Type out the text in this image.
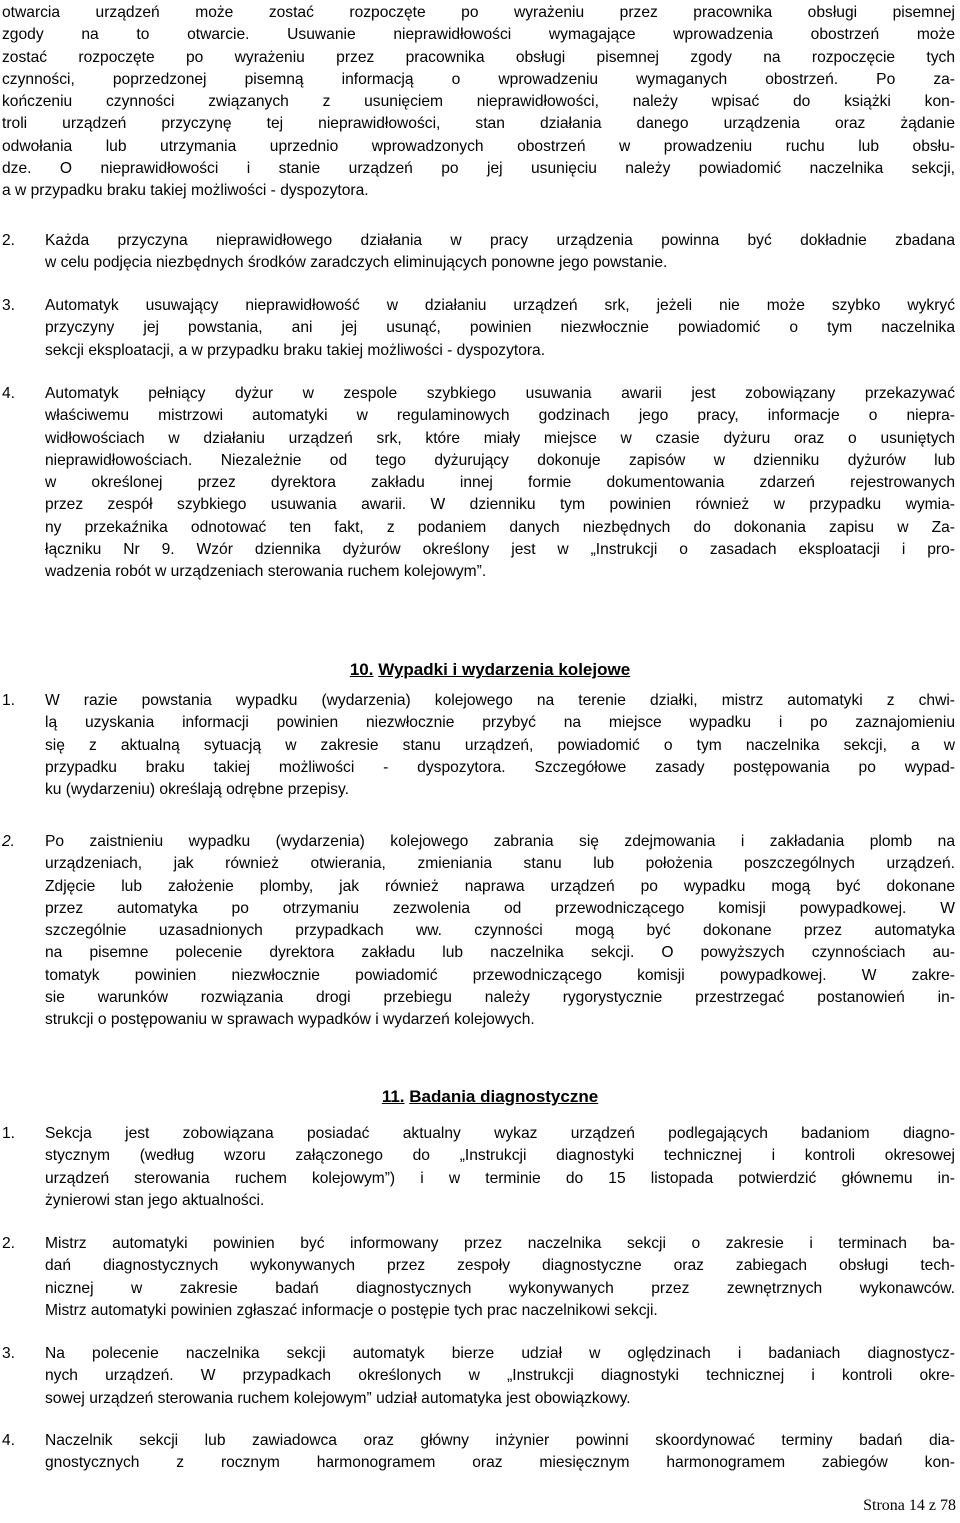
otwarcia urządzeń może zostać rozpoczęte po wyrażeniu przez pracownika obsługi pisemnej
zgody na to otwarcie. Usuwanie nieprawidłowości wymagające wprowadzenia obostrzeń może
zostać rozpoczęte po wyrażeniu przez pracownika obsługi pisemnej zgody na rozpoczęcie tych
czynności, poprzedzonej pisemną informacją o wprowadzeniu wymaganych obostrzeń. Po za-
kończeniu czynności związanych z usunięciem nieprawidłowości, należy wpisać do książki kon-
troli urządzeń przyczynę tej nieprawidłowości, stan działania danego urządzenia oraz żądanie
odwołania lub utrzymania uprzednio wprowadzonych obostrzeń w prowadzeniu ruchu lub obsłu-
dze. O nieprawidłowości i stanie urządzeń po jej usunięciu należy powiadomić naczelnika sekcji,
a w przypadku braku takiej możliwości - dyspozytora.
2.	Każda przyczyna nieprawidłowego działania w pracy urządzenia powinna być dokładnie zbadana
w celu podjęcia niezbędnych środków zaradczych eliminujących ponowne jego powstanie.
3.	Automatyk usuwający nieprawidłowość w działaniu urządzeń srk, jeżeli nie może szybko wykryć
przyczyny jej powstania, ani jej usunąć, powinien niezwłocznie powiadomić o tym naczelnika
sekcji eksploatacji, a w przypadku braku takiej możliwości - dyspozytora.
4.	Automatyk pełniący dyżur w zespole szybkiego usuwania awarii jest zobowiązany przekazywać
właściwemu mistrzowi automatyki w regulaminowych godzinach jego pracy, informacje o niepra-
widłowościach w działaniu urządzeń srk, które miały miejsce w czasie dyżuru oraz o usuniętych
nieprawidłowościach. Niezależnie od tego dyżurujący dokonuje zapisów w dzienniku dyżurów lub
w określonej przez dyrektora zakładu innej formie dokumentowania zdarzeń rejestrowanych
przez zespół szybkiego usuwania awarii. W dzienniku tym powinien również w przypadku wymia-
ny przekaźnika odnotować ten fakt, z podaniem danych niezbędnych do dokonania zapisu w Za-
łączniku Nr 9. Wzór dziennika dyżurów określony jest w „Instrukcji o zasadach eksploatacji i pro-
wadzenia robót w urządzeniach sterowania ruchem kolejowym”.
10. Wypadki i wydarzenia kolejowe
1.	W razie powstania wypadku (wydarzenia) kolejowego na terenie działki, mistrz automatyki z chwi-
lą uzyskania informacji powinien niezwłocznie przybyć na miejsce wypadku i po zaznajomieniu
się z aktualną sytuacją w zakresie stanu urządzeń, powiadomić o tym naczelnika sekcji, a w
przypadku braku takiej możliwości - dyspozytora. Szczegółowe zasady postępowania po wypad-
ku (wydarzeniu) określają odrębne przepisy.
2.	Po zaistnieniu wypadku (wydarzenia) kolejowego zabrania się zdejmowania i zakładania plomb na
urządzeniach, jak również otwierania, zmieniania stanu lub położenia poszczególnych urządzeń.
Zdjęcie lub założenie plomby, jak również naprawa urządzeń po wypadku mogą być dokonane
przez automatyka po otrzymaniu zezwolenia od przewodniczącego komisji powypadkowej. W
szczególnie uzasadnionych przypadkach ww. czynności mogą być dokonane przez automatyka
na pisemne polecenie dyrektora zakładu lub naczelnika sekcji. O powyższych czynnościach au-
tomatyk powinien niezwłocznie powiadomić przewodniczącego komisji powypadkowej. W zakre-
sie warunków rozwiązania drogi przebiegu należy rygorystycznie przestrzegać postanowień in-
strukcji o postępowaniu w sprawach wypadków i wydarzeń kolejowych.
11. Badania diagnostyczne
1.	Sekcja jest zobowiązana posiadać aktualny wykaz urządzeń podlegających badaniom diagno-
stycznym (według wzoru załączonego do „Instrukcji diagnostyki technicznej i kontroli okresowej
urządzeń sterowania ruchem kolejowym”) i w terminie do 15 listopada potwierdzić głównemu in-
żynierowi stan jego aktualności.
2.	Mistrz automatyki powinien być informowany przez naczelnika sekcji o zakresie i terminach ba-
dań diagnostycznych wykonywanych przez zespoły diagnostyczne oraz zabiegach obsługi tech-
nicznej w zakresie badań diagnostycznych wykonywanych przez zewnętrznych wykonawców.
Mistrz automatyki powinien zgłaszać informacje o postępie tych prac naczelnikowi sekcji.
3.	Na polecenie naczelnika sekcji automatyk bierze udział w oględzinach i badaniach diagnostycz-
nych urządzeń. W przypadkach określonych w „Instrukcji diagnostyki technicznej i kontroli okre-
sowej urządzeń sterowania ruchem kolejowym” udział automatyka jest obowiązkowy.
4.	Naczelnik sekcji lub zawiadowca oraz główny inżynier powinni skoordynować terminy badań dia-
gnostycznych z rocznym harmonogramem oraz miesięcznym harmonogramem zabiegów kon-
Strona 14 z 78
